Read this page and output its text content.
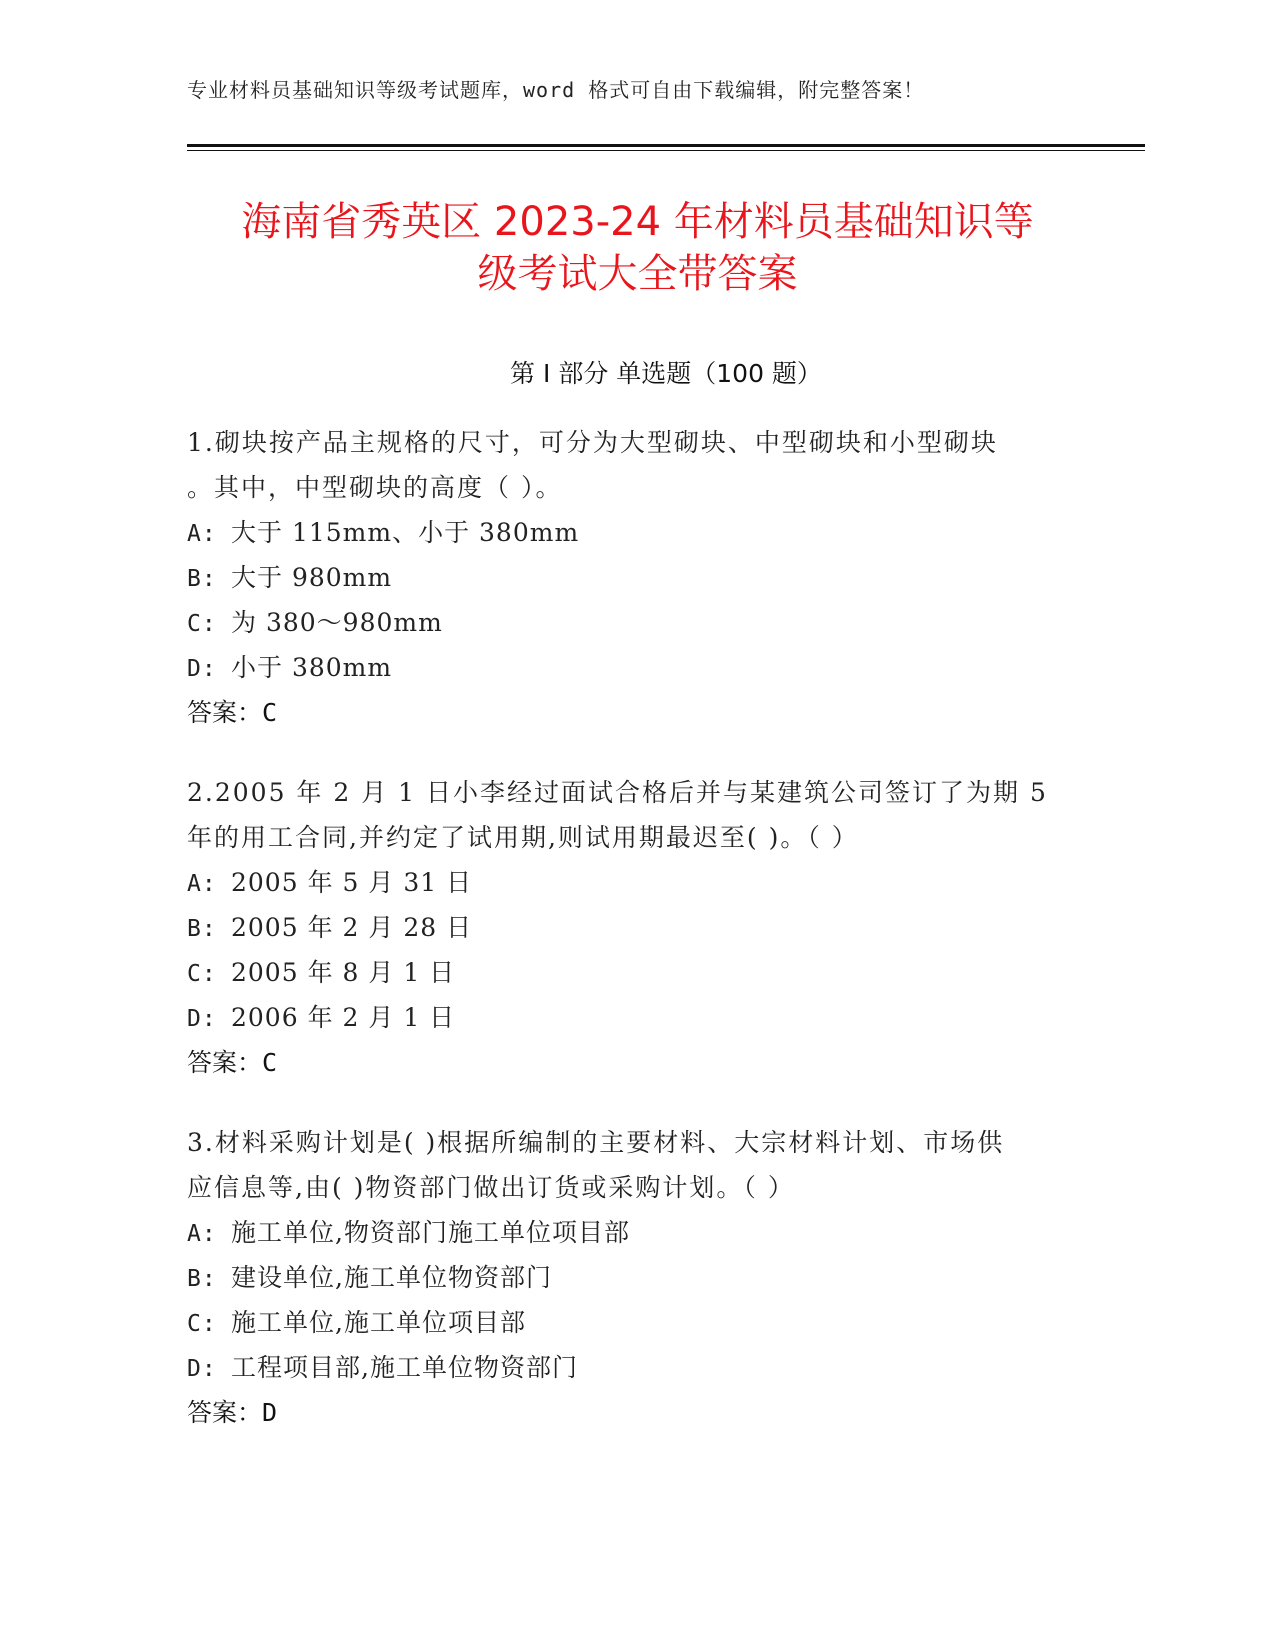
专业材料员基础知识等级考试题库，word 格式可自由下载编辑，附完整答案！
海南省秀英区 2023-24 年材料员基础知识等
级考试大全带答案
第 I 部分 单选题（100 题）
1.砌块按产品主规格的尺寸，可分为大型砌块、中型砌块和小型砌块
。其中，中型砌块的高度（ ）。
A: 大于 115mm、小于 380mm
B: 大于 980mm
C: 为 380～980mm
D: 小于 380mm
答案：C
2.2005 年 2 月 1 日小李经过面试合格后并与某建筑公司签订了为期 5
年的用工合同,并约定了试用期,则试用期最迟至( )。（ ）
A: 2005 年 5 月 31 日
B: 2005 年 2 月 28 日
C: 2005 年 8 月 1 日
D: 2006 年 2 月 1 日
答案：C
3.材料采购计划是( )根据所编制的主要材料、大宗材料计划、市场供
应信息等,由( )物资部门做出订货或采购计划。（ ）
A: 施工单位,物资部门施工单位项目部
B: 建设单位,施工单位物资部门
C: 施工单位,施工单位项目部
D: 工程项目部,施工单位物资部门
答案：D
